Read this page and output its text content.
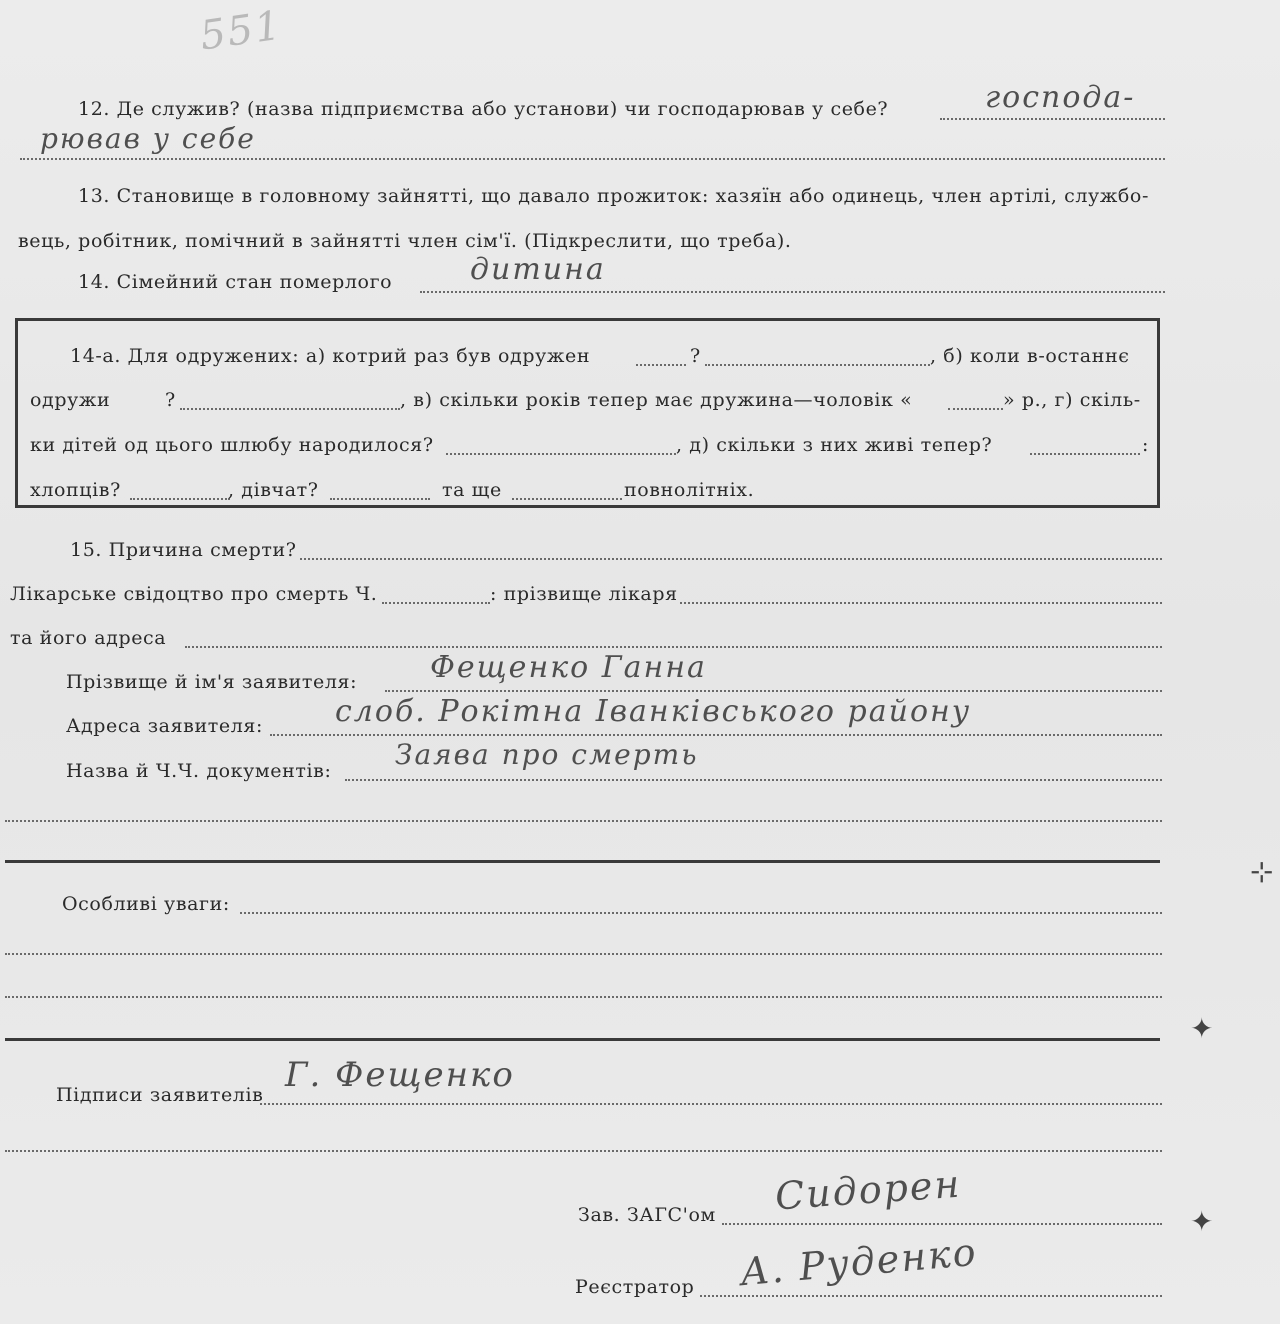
551
12. Де служив? (назва підприємства або установи) чи господарював у себе?	господа-
рював у себе
13. Становище в головному зайнятті, що давало прожиток: хазяїн або одинець, член артілі, службо-
вець, робітник, помічний в зайнятті член сім'ї. (Підкреслити, що треба).
14. Сімейний стан померлого	дитина
14-а. Для одружених: а) котрий раз був одружен	?	, б) коли в-останнє
одружи	?	, в) скільки років тепер має дружина—чоловік «	» р., г) скіль-
ки дітей од цього шлюбу народилося?	, д) скільки з них живі тепер?	:
хлопців?	, дівчат?	та ще	повнолітніх.
15. Причина смерти?
Лікарське свідоцтво про смерть Ч.	: прізвище лікаря
та його адреса
Прізвище й ім'я заявителя: Фещенко Ганна
Адреса заявителя: слоб. Рокітна Іванківського району
Назва й Ч.Ч. документів: Заява про смерть
Особливі уваги:
Підписи заявителів Г. Фещенко
Зав. ЗАГС'ом Сидорен
Реєстратор А. Руденко
⊹
✦
✦
